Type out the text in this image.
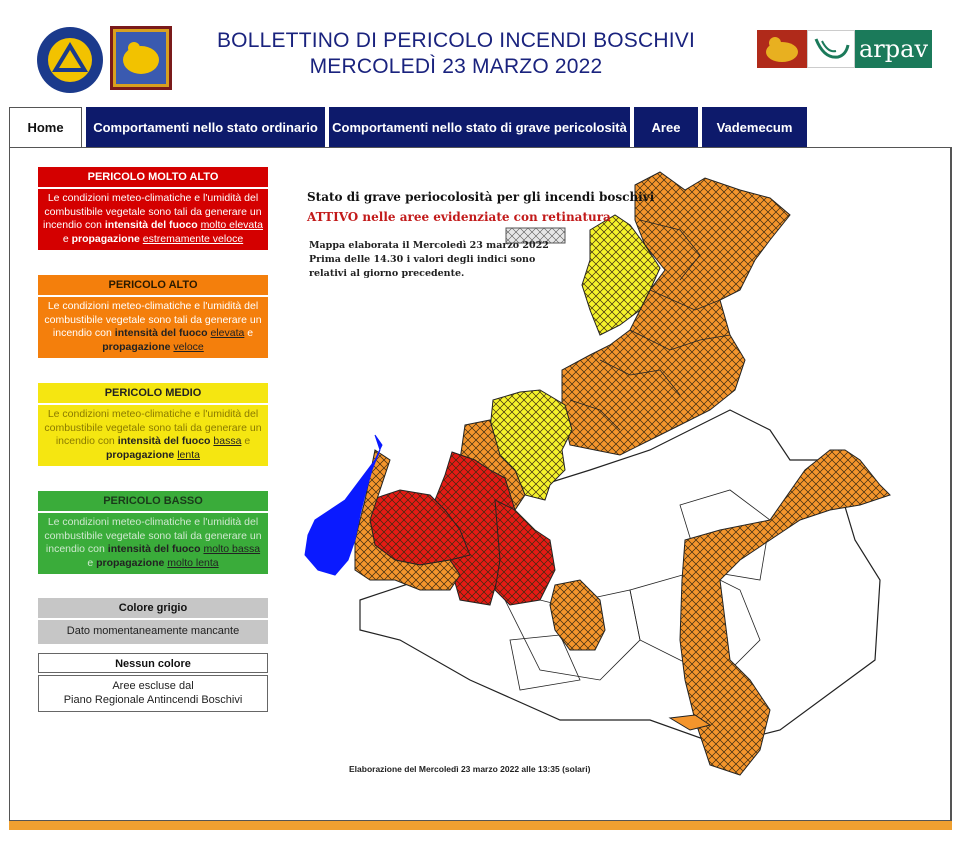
BOLLETTINO DI PERICOLO INCENDI BOSCHIVI
MERCOLEDÌ 23 MARZO 2022
arpav
Home	Comportamenti nello stato ordinario	Comportamenti nello stato di grave pericolosità	Aree	Vademecum
PERICOLO MOLTO ALTO
Le condizioni meteo-climatiche e l'umidità del combustibile vegetale sono tali da generare un incendio con intensità del fuoco molto elevata e propagazione estremamente veloce
PERICOLO ALTO
Le condizioni meteo-climatiche e l'umidità del combustibile vegetale sono tali da generare un incendio con intensità del fuoco elevata e propagazione veloce
PERICOLO MEDIO
Le condizioni meteo-climatiche e l'umidità del combustibile vegetale sono tali da generare un incendio con intensità del fuoco bassa e propagazione lenta
PERICOLO BASSO
Le condizioni meteo-climatiche e l'umidità del combustibile vegetale sono tali da generare un incendio con intensità del fuoco molto bassa e propagazione molto lenta
Colore grigio
Dato momentaneamente mancante
Nessun colore
Aree escluse dal
Piano Regionale Antincendi Boschivi
Stato di grave periocolosità per gli incendi boschivi
ATTIVO nelle aree evidenziate con retinatura
Mappa elaborata il Mercoledì 23 marzo 2022 Prima delle 14.30 i valori degli indici sono relativi al giorno precedente.
Elaborazione del Mercoledì 23 marzo 2022 alle 13:35 (solari)
